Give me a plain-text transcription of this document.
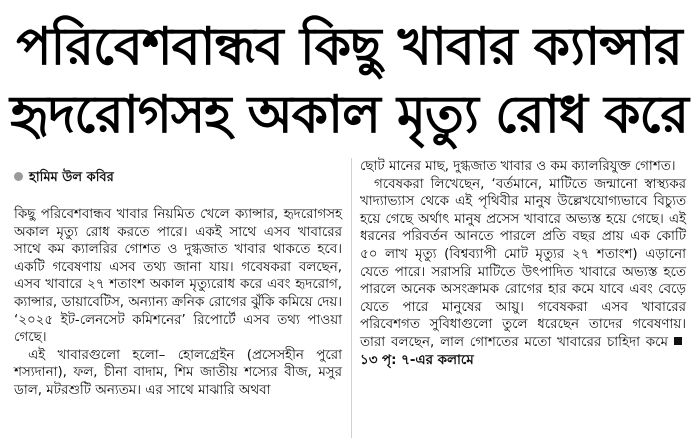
পরিবেশবান্ধব কিছু খাবার ক্যান্সার
হৃদরোগসহ অকাল মৃত্যু রোধ করে
হামিম উল কবির

কিছু পরিবেশবান্ধব খাবার নিয়মিত খেলে ক্যান্সার, হৃদরোগসহ অকাল মৃত্যু রোধ করতে পারে। একই সাথে এসব খাবারের সাথে কম ক্যালরির গোশত ও দুগ্ধজাত খাবার থাকতে হবে। একটি গবেষণায় এসব তথ্য জানা যায়। গবেষকরা বলছেন, এসব খাবারে ২৭ শতাংশ অকাল মৃত্যুরোধ করে এবং হৃদরোগ, ক্যান্সার, ডায়াবেটিস, অন্যান্য ক্রনিক রোগের ঝুঁকি কমিয়ে দেয়। ‘২০২৫ ইট-লেনসেট কমিশনের’ রিপোর্টে এসব তথ্য পাওয়া গেছে।

এই খাবারগুলো হলো– হোলগ্রেইন (প্রসেসহীন পুরো শস্যদানা), ফল, চীনা বাদাম, শিম জাতীয় শস্যের বীজ, মসুর ডাল, মটরশুটি অন্যতম। এর সাথে মাঝারি অথবা

ছোট মানের মাছ, দুগ্ধজাত খাবার ও কম ক্যালরিযুক্ত গোশত।

গবেষকরা লিখেছেন, ‘বর্তমানে, মাটিতে জন্মানো স্বাস্থ্যকর খাদ্যাভ্যাস থেকে এই পৃথিবীর মানুষ উল্লেখযোগ্যভাবে বিচ্যুত হয়ে গেছে অর্থাৎ মানুষ প্রসেস খাবারে অভ্যস্ত হয়ে গেছে। এই ধরনের পরিবর্তন আনতে পারলে প্রতি বছর প্রায় এক কোটি ৫০ লাখ মৃত্যু (বিশ্বব্যাপী মোট মৃত্যুর ২৭ শতাংশ) এড়ানো যেতে পারে। সরাসরি মাটিতে উৎপাদিত খাবারে অভ্যস্ত হতে পারলে অনেক অসংক্রামক রোগের হার কমে যাবে এবং বেড়ে যেতে পারে মানুষের আয়ু। গবেষকরা এসব খাবারের পরিবেশগত সুবিধাগুলো তুলে ধরেছেন তাদের গবেষণায়। তারা বলছেন, লাল গোশতের মতো খাবারের চাহিদা কমে১৩ পৃ: ৭-এর কলামে
